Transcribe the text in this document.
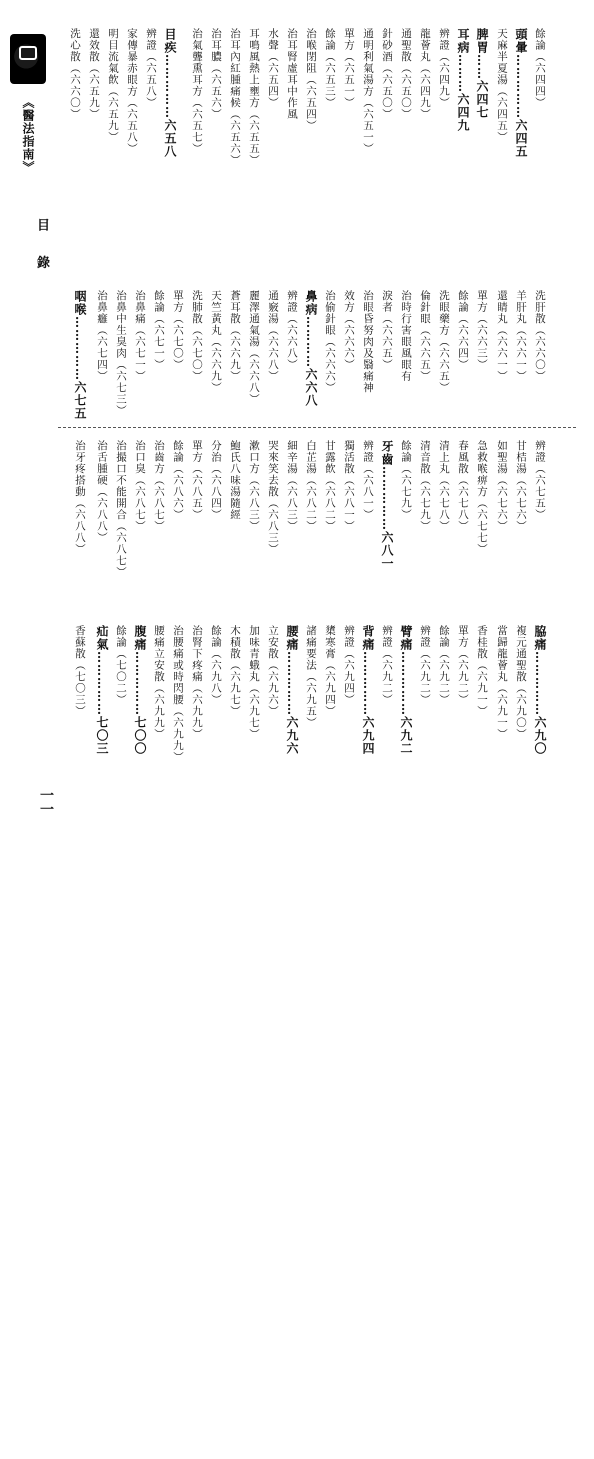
《醫法指南》
目 錄
一一
餘論（六四四）
頭暈……………六四五
天麻半夏湯（六四五）
脾胃……六四七
耳病………六四九
辨證（六四九）
龍薈丸（六四九）
通聖散（六五〇）
針砂酒（六五〇）
通明利氣湯方（六五一）
單方（六五一）
餘論（六五三）
治喉閉阻（六五四）
治耳腎虛耳中作風
水聲（六五四）
耳鳴風熱上壅方（六五五）
治耳內紅腫痛候（六五六）
治耳膿（六五六）
治氣聾熏耳方（六五七）
目疾……………六五八
辨證（六五八）
家傳暴赤眼方（六五八）
明目流氣飲（六五九）
還效散（六五九）
洗心散（六六〇）
洗肝散（六六〇）
羊肝丸（六六一）
還睛丸（六六一）
單方（六六三）
餘論（六六四）
洗眼藥方（六六五）
倫針眼（六六五）
治時行害眼風眼有
淚者（六六五）
治眼昏努肉及翳痛神
效方（六六六）
治偷針眼（六六六）
鼻病…………六六八
辨證（六六八）
通竅湯（六六八）
麗澤通氣湯（六六八）
蒼耳散（六六九）
天竺黃丸（六六九）
洗肺散（六七〇）
單方（六七〇）
餘論（六七一）
治鼻痛（六七一）
治鼻中生臭肉（六七三）
治鼻癰（六七四）
咽喉……………六七五
辨證（六七五）
甘桔湯（六七六）
如聖湯（六七六）
急救喉痹方（六七七）
春風散（六七八）
清上丸（六七八）
清音散（六七九）
餘論（六七九）
牙齒……………六八一
辨證（六八一）
獨活散（六八一）
甘露飲（六八二）
白芷湯（六八二）
細辛湯（六八三）
哭來笑去散（六八三）
漱口方（六八三）
鮑氏八味湯隨經
分治（六八四）
單方（六八五）
餘論（六八六）
治齒方（六八七）
治口臭（六八七）
治撮口不能開合（六八七）
治舌腫硬（六八八）
治牙疼搭動（六八八）
脇痛……………六九〇
複元通聖散（六九〇）
當歸龍薈丸（六九一）
香桂散（六九一）
單方（六九二）
餘論（六九二）
辨證（六九二）
臂痛……………六九二
辨證（六九二）
背痛……………六九四
辨證（六九四）
橥寒膏（六九四）
諸痛要法（六九五）
腰痛……………六九六
立安散（六九六）
加味青蛾丸（六九七）
木積散（六九七）
餘論（六九八）
治腎下疼痛（六九九）
治腰痛或時閃腰（六九九）
腰痛立安散（六九九）
腹痛……………七〇〇
餘論（七〇二）
疝氣……………七〇三
香蘇散（七〇三）
